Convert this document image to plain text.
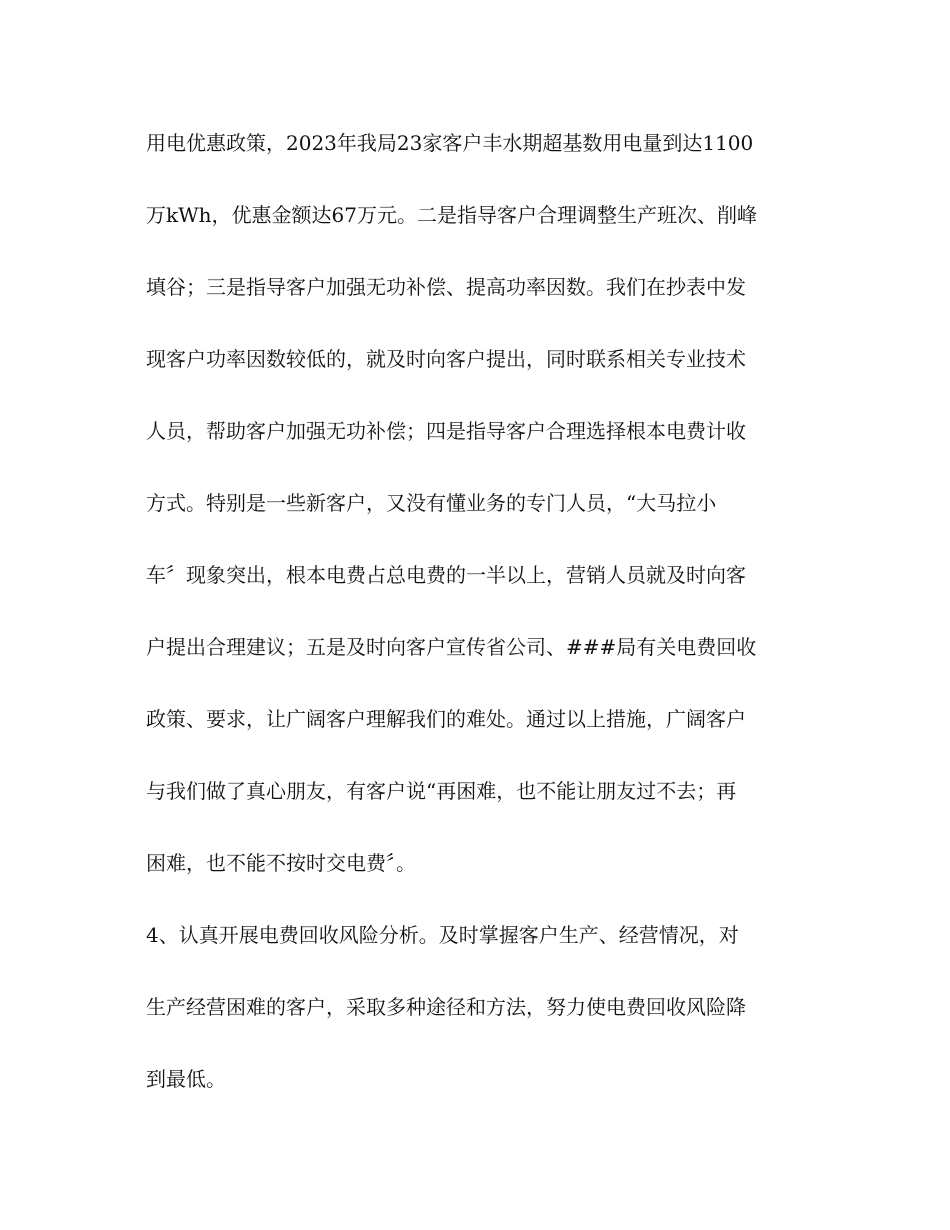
用电优惠政策，2023年我局23家客户丰水期超基数用电量到达1100
万kWh，优惠金额达67万元。二是指导客户合理调整生产班次、削峰
填谷；三是指导客户加强无功补偿、提高功率因数。我们在抄表中发
现客户功率因数较低的，就及时向客户提出，同时联系相关专业技术
人员，帮助客户加强无功补偿；四是指导客户合理选择根本电费计收
方式。特别是一些新客户，又没有懂业务的专门人员，“大马拉小
车〞现象突出，根本电费占总电费的一半以上，营销人员就及时向客
户提出合理建议；五是及时向客户宣传省公司、###局有关电费回收
政策、要求，让广阔客户理解我们的难处。通过以上措施，广阔客户
与我们做了真心朋友，有客户说“再困难，也不能让朋友过不去；再
困难，也不能不按时交电费〞。
4、认真开展电费回收风险分析。及时掌握客户生产、经营情况，对
生产经营困难的客户，采取多种途径和方法，努力使电费回收风险降
到最低。
